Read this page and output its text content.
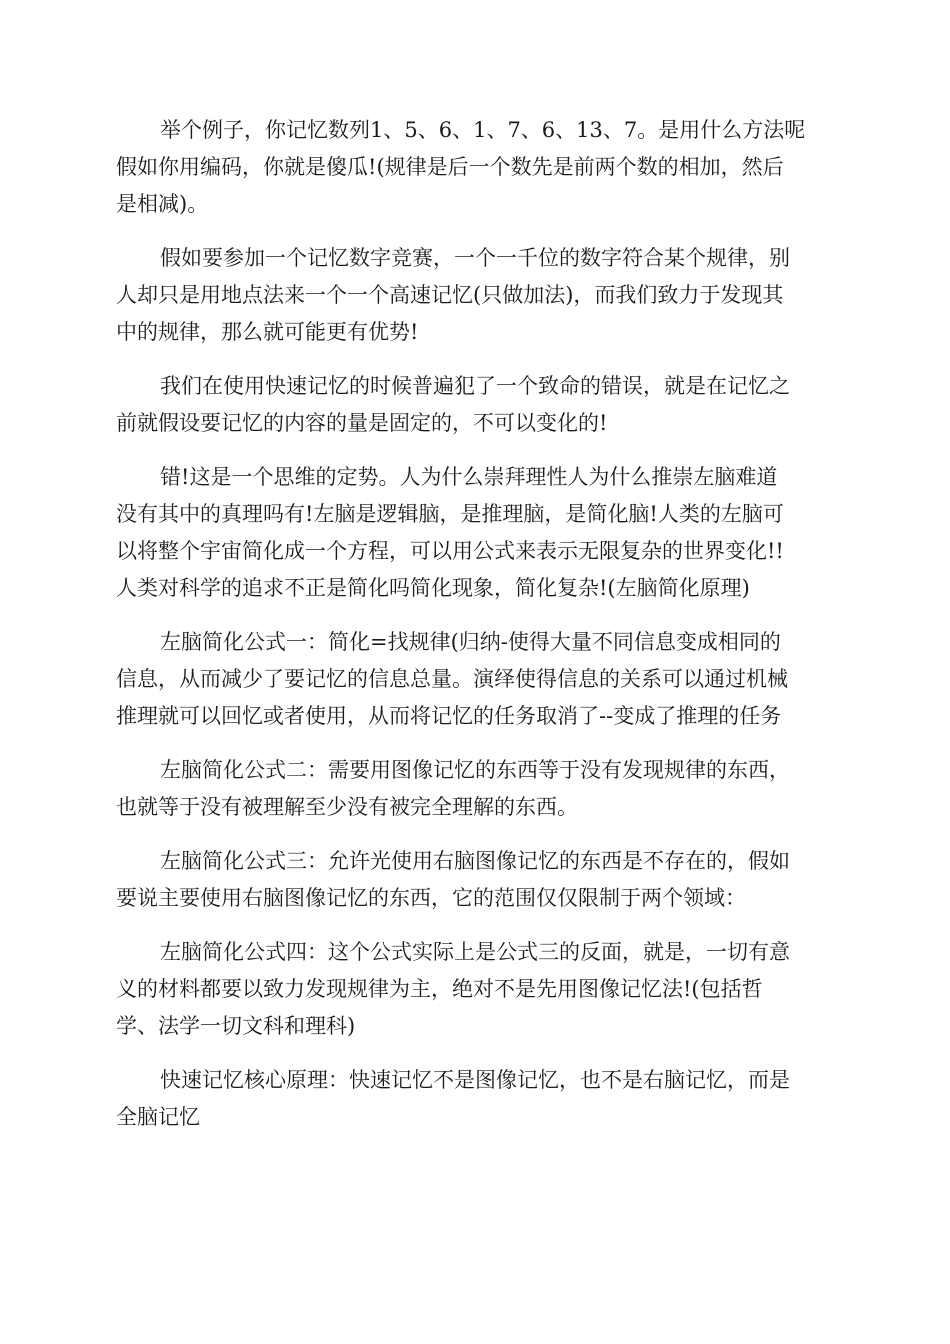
举个例子，你记忆数列1、5、6、1、7、6、13、7。是用什么方法呢
假如你用编码，你就是傻瓜!(规律是后一个数先是前两个数的相加，然后
是相减)。
假如要参加一个记忆数字竞赛，一个一千位的数字符合某个规律，别
人却只是用地点法来一个一个高速记忆(只做加法)，而我们致力于发现其
中的规律，那么就可能更有优势!
我们在使用快速记忆的时候普遍犯了一个致命的错误，就是在记忆之
前就假设要记忆的内容的量是固定的，不可以变化的!
错!这是一个思维的定势。人为什么崇拜理性人为什么推崇左脑难道
没有其中的真理吗有!左脑是逻辑脑，是推理脑，是简化脑!人类的左脑可
以将整个宇宙简化成一个方程，可以用公式来表示无限复杂的世界变化!!
人类对科学的追求不正是简化吗简化现象，简化复杂!(左脑简化原理)
左脑简化公式一：简化=找规律(归纳-使得大量不同信息变成相同的
信息，从而减少了要记忆的信息总量。演绎使得信息的关系可以通过机械
推理就可以回忆或者使用，从而将记忆的任务取消了--变成了推理的任务
左脑简化公式二：需要用图像记忆的东西等于没有发现规律的东西，
也就等于没有被理解至少没有被完全理解的东西。
左脑简化公式三：允许光使用右脑图像记忆的东西是不存在的，假如
要说主要使用右脑图像记忆的东西，它的范围仅仅限制于两个领域：
左脑简化公式四：这个公式实际上是公式三的反面，就是，一切有意
义的材料都要以致力发现规律为主，绝对不是先用图像记忆法!(包括哲
学、法学一切文科和理科)
快速记忆核心原理：快速记忆不是图像记忆，也不是右脑记忆，而是
全脑记忆
